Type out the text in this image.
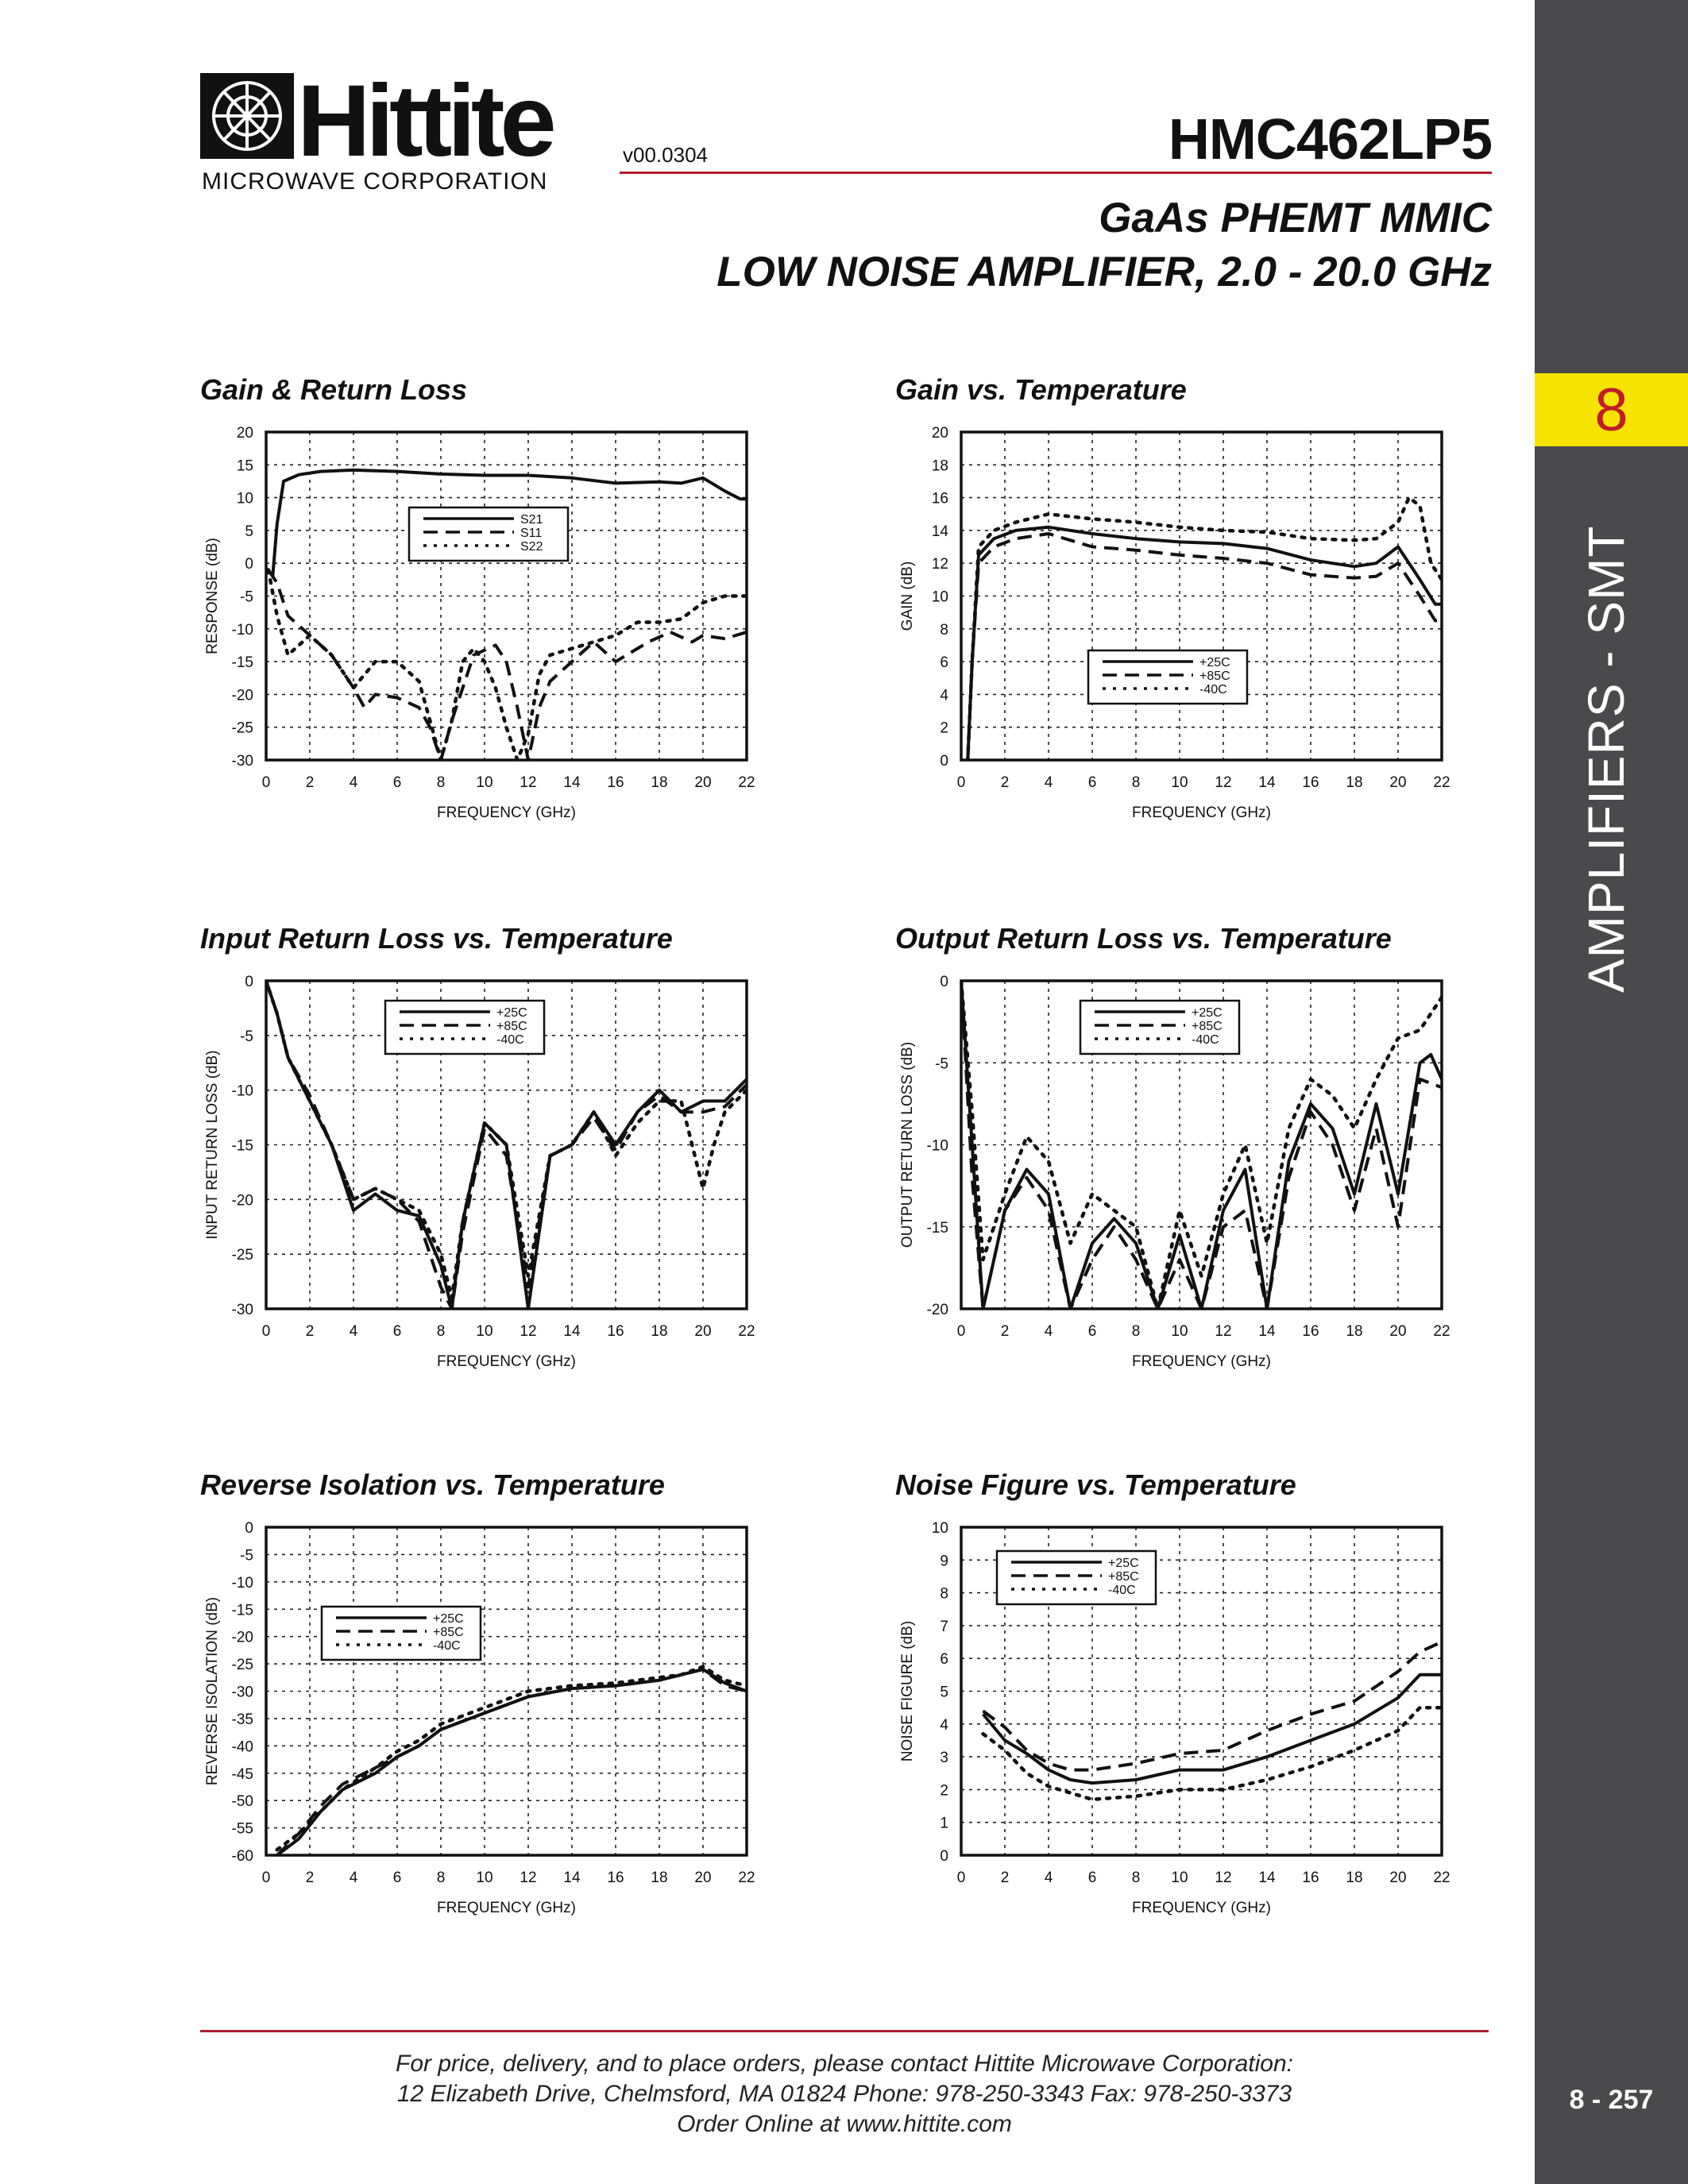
8
AMPLIFIERS - SMT
8 - 257
Hittite
MICROWAVE CORPORATION
v00.0304	HMC462LP5
GaAs PHEMT MMIC
LOW NOISE AMPLIFIER, 2.0 - 20.0 GHz
Gain & Return Loss	Gain vs. Temperature
Input Return Loss vs. Temperature	Output Return Loss vs. Temperature
Reverse Isolation vs. Temperature	Noise Figure vs. Temperature
0 2 4 6 8 10 12 14 16 18 20 22
20
15
10
5
0
-5
-10
-15
-20
-25
-30
FREQUENCY (GHz)
RESPONSE (dB)
S21
S11
S22
0 2 4 6 8 10 12 14 16 18 20 22
20
18
16
14
12
10
8
6
4
2
0
FREQUENCY (GHz)
GAIN (dB)
+25C
+85C
-40C
0 2 4 6 8 10 12 14 16 18 20 22
0
-5
-10
-15
-20
-25
-30
FREQUENCY (GHz)
INPUT RETURN LOSS (dB)
+25C
+85C
-40C
0 2 4 6 8 10 12 14 16 18 20 22
0
-5
-10
-15
-20
FREQUENCY (GHz)
OUTPUT RETURN LOSS (dB)
+25C
+85C
-40C
0 2 4 6 8 10 12 14 16 18 20 22
0
-5
-10
-15
-20
-25
-30
-35
-40
-45
-50
-55
-60
FREQUENCY (GHz)
REVERSE ISOLATION (dB)	+25C
+85C
-40C
0 2 4 6 8 10 12 14 16 18 20 22
10
9
8
7
6
5
4
3
2
1
0
FREQUENCY (GHz)
NOISE FIGURE (dB)
+25C
+85C
-40C
For price, delivery, and to place orders, please contact Hittite Microwave Corporation:
12 Elizabeth Drive, Chelmsford, MA 01824 Phone: 978-250-3343 Fax: 978-250-3373
Order Online at www.hittite.com
